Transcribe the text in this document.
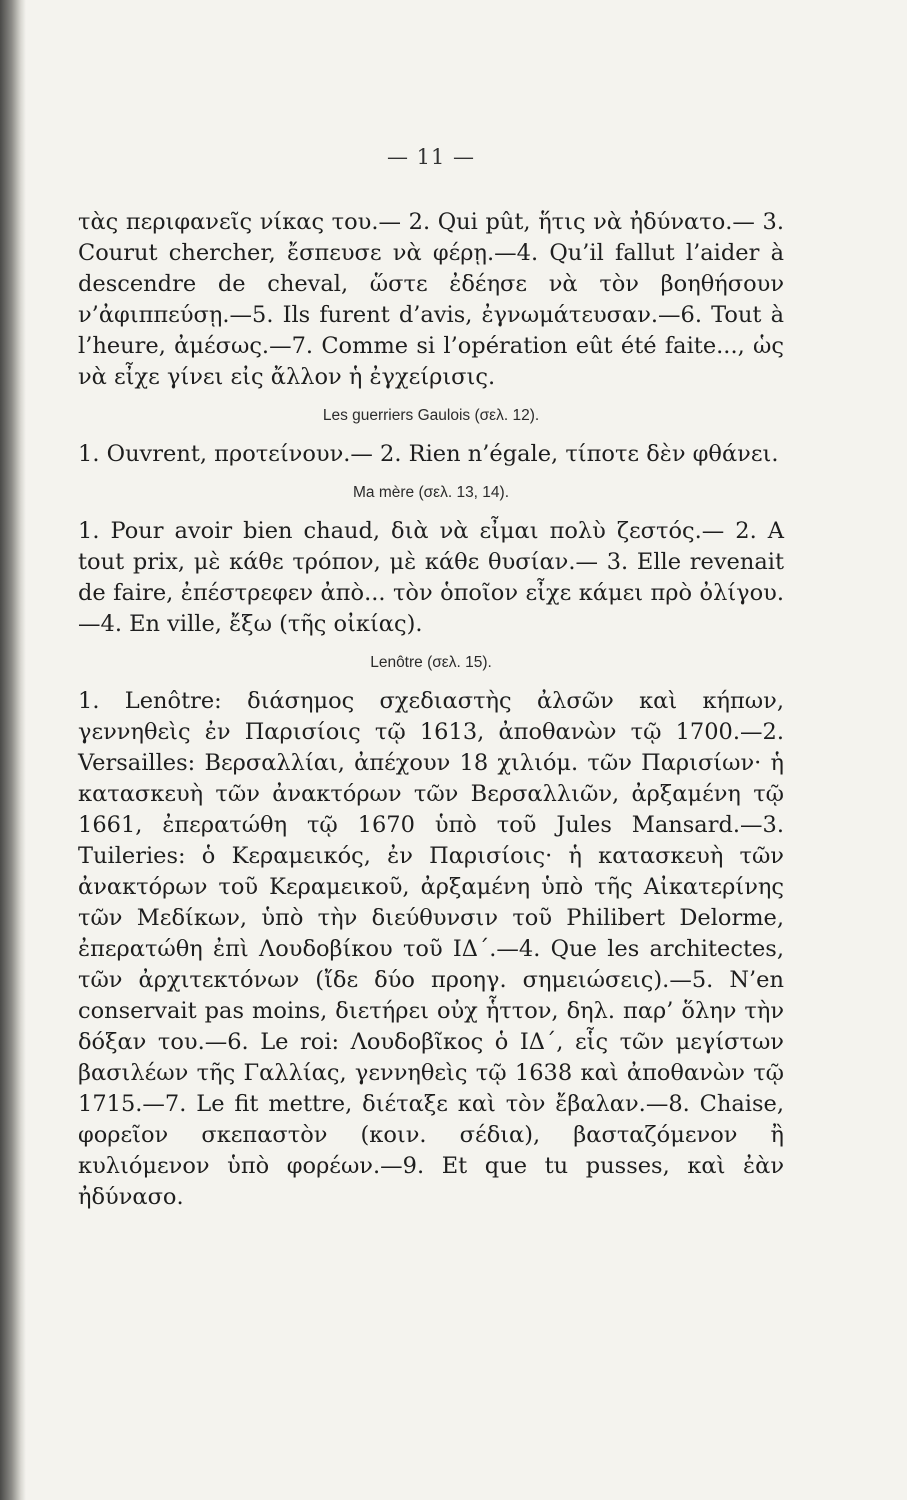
— 11 —

τὰς περιφανεῖς νίκας του.— 2. Qui pût, ἥτις νὰ ἠδύνατο.— 3. Courut chercher, ἔσπευσε νὰ φέρῃ.—4. Qu’il fallut l’aider à descendre de cheval, ὥστε ἐδέησε νὰ τὸν βοηθήσουν ν’ἀφιππεύσῃ.—5. Ils furent d’avis, ἐγνωμάτευσαν.—6. Tout à l’heure, ἀμέσως.—7. Comme si l’opération eût été faite..., ὡς νὰ εἶχε γίνει εἰς ἄλλον ἡ ἐγχείρισις.

Les guerriers Gaulois (σελ. 12).

1. Ouvrent, προτείνουν.— 2. Rien n’égale, τίποτε δὲν φθάνει.

Ma mère (σελ. 13, 14).

1. Pour avoir bien chaud, διὰ νὰ εἶμαι πολὺ ζεστός.— 2. A tout prix, μὲ κάθε τρόπον, μὲ κάθε θυσίαν.— 3. Elle revenait de faire, ἐπέστρεφεν ἀπὸ... τὸν ὁποῖον εἶχε κάμει πρὸ ὀλίγου.—4. En ville, ἔξω (τῆς οἰκίας).

Lenôtre (σελ. 15).

1. Lenôtre: διάσημος σχεδιαστὴς ἀλσῶν καὶ κήπων, γεννηθεὶς ἐν Παρισίοις τῷ 1613, ἀποθανὼν τῷ 1700.—2. Versailles: Βερσαλλίαι, ἀπέχουν 18 χιλιόμ. τῶν Παρισίων· ἡ κατασκευὴ τῶν ἀνακτόρων τῶν Βερσαλλιῶν, ἀρξαμένη τῷ 1661, ἐπερατώθη τῷ 1670 ὑπὸ τοῦ Jules Mansard.—3. Tuileries: ὁ Κεραμεικός, ἐν Παρισίοις· ἡ κατασκευὴ τῶν ἀνακτόρων τοῦ Κεραμεικοῦ, ἀρξαμένη ὑπὸ τῆς Αἰκατερίνης τῶν Μεδίκων, ὑπὸ τὴν διεύθυνσιν τοῦ Philibert Delorme, ἐπερατώθη ἐπὶ Λουδοβίκου τοῦ ΙΔ΄.—4. Que les architectes, τῶν ἀρχιτεκτόνων (ἴδε δύο προηγ. σημειώσεις).—5. N’en conservait pas moins, διετήρει οὐχ ἧττον, δηλ. παρ’ ὅλην τὴν δόξαν του.—6. Le roi: Λουδοβῖκος ὁ ΙΔ΄, εἷς τῶν μεγίστων βασιλέων τῆς Γαλλίας, γεννηθεὶς τῷ 1638 καὶ ἀποθανὼν τῷ 1715.—7. Le fit mettre, διέταξε καὶ τὸν ἔβαλαν.—8. Chaise, φορεῖον σκεπαστὸν (κοιν. σέδια), βασταζόμενον ἢ κυλιόμενον ὑπὸ φορέων.—9. Et que tu pusses, καὶ ἐὰν ἠδύνασο.
